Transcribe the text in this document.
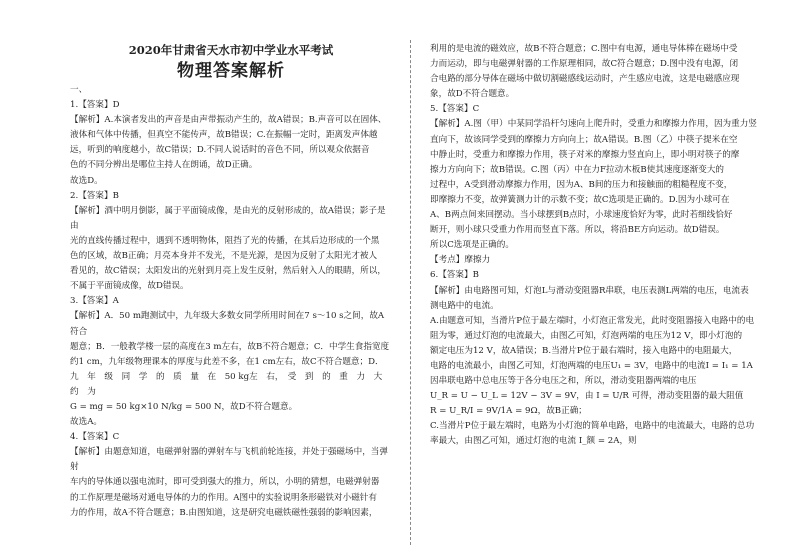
2020年甘肃省天水市初中学业水平考试
物理答案解析

一、

1.【答案】D

【解析】A.本演者发出的声音是由声带振动产生的，故A错误；B.声音可以在固体、

液体和气体中传播，但真空不能传声，故B错误；C.在振幅一定时，距离发声体越

远，听到的响度越小，故C错误；D.不同人说话时的音色不同，所以观众依据音

色的不同分辨出是哪位主持人在朗诵，故D正确。

故选D。

2.【答案】B

【解析】酒中明月倒影，属于平面镜成像，是由光的反射形成的，故A错误；影子是由

光的直线传播过程中，遇到不透明物体，阻挡了光的传播，在其后边形成的一个黑

色的区域，故B正确；月亮本身并不发光，不是光源，是因为反射了太阳光才被人

看见的，故C错误；太阳发出的光射到月亮上发生反射，然后射入人的眼睛，所以，

不属于平面镜成像，故D错误。

3.【答案】A

【解析】A．50 m跑测试中，九年级大多数女同学所用时间在7 s～10 s之间，故A符合

题意；B．一般教学楼一层的高度在3 m左右，故B不符合题意；C．中学生食指宽度

约1 cm，九年级物理课本的厚度与此差不多，在1 cm左右，故C不符合题意；D．

九　年　级　同　学　的　质　量　在　50 kg左　右，　受　到　的　重　力　大　约　为

G = mg = 50 kg×10 N/kg = 500 N，故D不符合题意。

故选A。

4.【答案】C

【解析】由题意知道，电磁弹射器的弹射车与飞机前轮连接，并处于强磁场中，当弹射

车内的导体通以强电流时，即可受到强大的推力，所以，小明的猜想，电磁弹射器

的工作原理是磁场对通电导体的力的作用。A图中的实验说明条形磁铁对小磁针有

力的作用，故A不符合题意；B.由图知道，这是研究电磁铁磁性强弱的影响因素，

利用的是电流的磁效应，故B不符合题意；C.图中有电源，通电导体棒在磁场中受

力而运动，即与电磁弹射器的工作原理相同，故C符合题意；D.图中没有电源，闭

合电路的部分导体在磁场中做切割磁感线运动时，产生感应电流，这是电磁感应现

象，故D不符合题意。

5.【答案】C

【解析】A.图（甲）中某同学沿杆匀速向上爬升时，受重力和摩擦力作用，因为重力竖

直向下，故该同学受到的摩擦力方向向上；故A错误。B.图（乙）中筷子提米在空

中静止时，受重力和摩擦力作用，筷子对米的摩擦力竖直向上，即小明对筷子的摩

擦力方向向下；故B错误。C.图（丙）中在力F拉动木板B使其速度逐渐变大的

过程中，A受到滑动摩擦力作用，因为A、B间的压力和接触面的粗糙程度不变，

即摩擦力不变，故弹簧测力计的示数不变；故C选项是正确的。D.因为小球可在

A、B两点间来回摆动。当小球摆到B点时，小球速度恰好为零，此时若细线恰好

断开，则小球只受重力作用而竖直下落。所以，将沿BE方向运动。故D错误。

所以C选项是正确的。

【考点】摩擦力

6.【答案】B

【解析】由电路图可知，灯泡L与滑动变阻器R串联，电压表测L两端的电压，电流表

测电路中的电流。

A.由题意可知，当滑片P位于最左端时，小灯泡正常发光，此时变阻器接入电路中的电

阻为零，通过灯泡的电流最大，由图乙可知，灯泡两端的电压为12 V，即小灯泡的

额定电压为12 V，故A错误；B.当滑片P位于最右端时，接入电路中的电阻最大，

电路的电流最小，由图乙可知，灯泡两端的电压U₁ = 3V，电路中的电流I = I₁ = 1A

因串联电路中总电压等于各分电压之和，所以，滑动变阻器两端的电压

U_R = U − U_L = 12V − 3V = 9V，由 I = U/R 可得，滑动变阻器的最大阻值

R = U_R/I = 9V/1A = 9Ω，故B正确；

C.当滑片P位于最左端时，电路为小灯泡的简单电路，电路中的电流最大，电路的总功

率最大，由图乙可知，通过灯泡的电流 I_额 = 2A，则
